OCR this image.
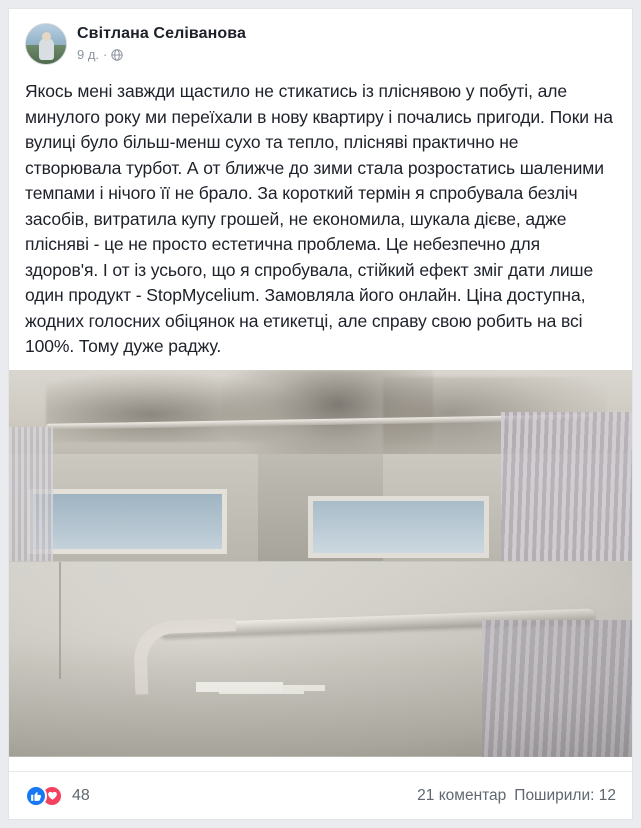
Світлана Селіванова
9 д. ·
Якось мені завжди щастило не стикатись із пліснявою у побуті, але минулого року ми переїхали в нову квартиру і почались пригоди. Поки на вулиці було більш-менш сухо та тепло, плісняві практично не створювала турбот. А от ближче до зими стала розростатись шаленими темпами і нічого її не брало. За короткий термін я спробувала безліч засобів, витратила купу грошей, не економила, шукала дієве, адже плісняві - це не просто естетична проблема. Це небезпечно для здоров'я. І от із усього, що я спробувала, стійкий ефект зміг дати лише один продукт - StopMycelium. Замовляла його онлайн. Ціна доступна, жодних голосних обіцянок на етикетці, але справу свою робить на всі 100%. Тому дуже раджу.
48	21 коментар Поширили: 12
